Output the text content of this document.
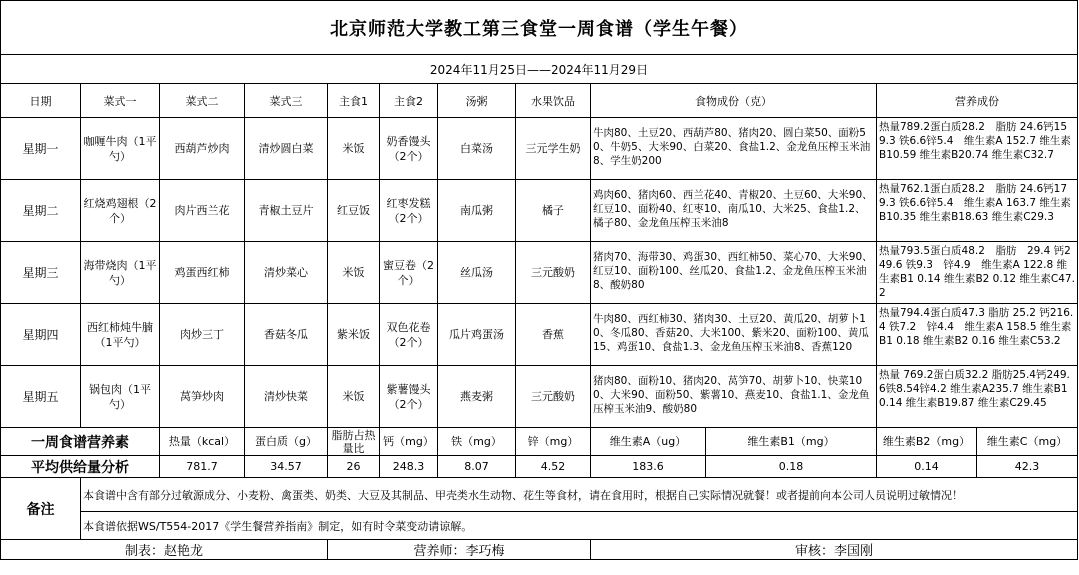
北京师范大学教工第三食堂一周食谱（学生午餐）											
2024年11月25日——2024年11月29日											
日期	菜式一	菜式二	菜式三	主食1	主食2	汤粥	水果饮品	食物成份（克）		营养成份	
星期一	咖喱牛肉（1平勺）	西葫芦炒肉	清炒圆白菜	米饭	奶香馒头（2个）	白菜汤	三元学生奶	牛肉80、土豆20、西葫芦80、猪肉20、圆白菜50、面粉50、牛奶5、大米90、白菜20、食盐1.2、金龙鱼压榨玉米油8、学生奶200		热量789.2蛋白质28.2　脂肪 24.6钙159.3 铁6.6锌5.4　维生素A 152.7 维生素B10.59 维生素B20.74 维生素C32.7	
星期二	红烧鸡翅根（2个）	肉片西兰花	青椒土豆片	红豆饭	红枣发糕（2个）	南瓜粥	橘子	鸡肉60、猪肉60、西兰花40、青椒20、土豆60、大米90、红豆10、面粉40、红枣10、南瓜10、大米25、食盐1.2、橘子80、金龙鱼压榨玉米油8		热量762.1蛋白质28.2　脂肪 24.6钙179.3 铁6.6锌5.4　维生素A 163.7 维生素B10.35 维生素B18.63 维生素C29.3	
星期三	海带烧肉（1平勺）	鸡蛋西红柿	清炒菜心	米饭	蜜豆卷（2个）	丝瓜汤	三元酸奶	猪肉70、海带30、鸡蛋30、西红柿50、菜心70、大米90、红豆10、面粉100、丝瓜20、食盐1.2、金龙鱼压榨玉米油8、酸奶80		热量793.5蛋白质48.2　脂肪　29.4 钙249.6 铁9.3　锌4.9　维生素A 122.8 维生素B1 0.14 维生素B2 0.12 维生素C47.2	
星期四	西红柿炖牛腩（1平勺）	肉炒三丁	香菇冬瓜	紫米饭	双色花卷（2个）	瓜片鸡蛋汤	香蕉	牛肉80、西红柿30、猪肉30、土豆20、黄瓜20、胡萝卜10、冬瓜80、香菇20、大米100、紫米20、面粉100、黄瓜15、鸡蛋10、食盐1.3、金龙鱼压榨玉米油8、香蕉120		热量794.4蛋白质47.3 脂肪 25.2 钙216.4 铁7.2　锌4.4　维生素A 158.5 维生素B1 0.18 维生素B2 0.16 维生素C53.2	
星期五	锅包肉（1平勺）	莴笋炒肉	清炒快菜	米饭	紫薯馒头（2个）	燕麦粥	三元酸奶	猪肉80、面粉10、猪肉20、莴笋70、胡萝卜10、快菜100、大米90、面粉50、紫薯10、燕麦10、食盐1.1、金龙鱼压榨玉米油9、酸奶80		热量 769.2蛋白质32.2 脂肪25.4钙249.6铁8.54锌4.2 维生素A235.7 维生素B10.14 维生素B19.87 维生素C29.45	
一周食谱营养素		热量（kcal）	蛋白质（g）	脂肪占热量比	钙（mg）	铁（mg）	锌（mg）	维生素A（ug）	维生素B1（mg）	维生素B2（mg）	维生素C（mg）
平均供给量分析		781.7	34.57	26	248.3	8.07	4.52	183.6	0.18	0.14	42.3
备注	本食谱中含有部分过敏源成分、小麦粉、禽蛋类、奶类、大豆及其制品、甲壳类水生动物、花生等食材，请在食用时，根据自己实际情况就餐！或者提前向本公司人员说明过敏情况！										
	本食谱依据WS/T554-2017《学生餐营养指南》制定，如有时令菜变动请谅解。										
制表：赵艳龙				营养师：李巧梅				审核：李国刚			
